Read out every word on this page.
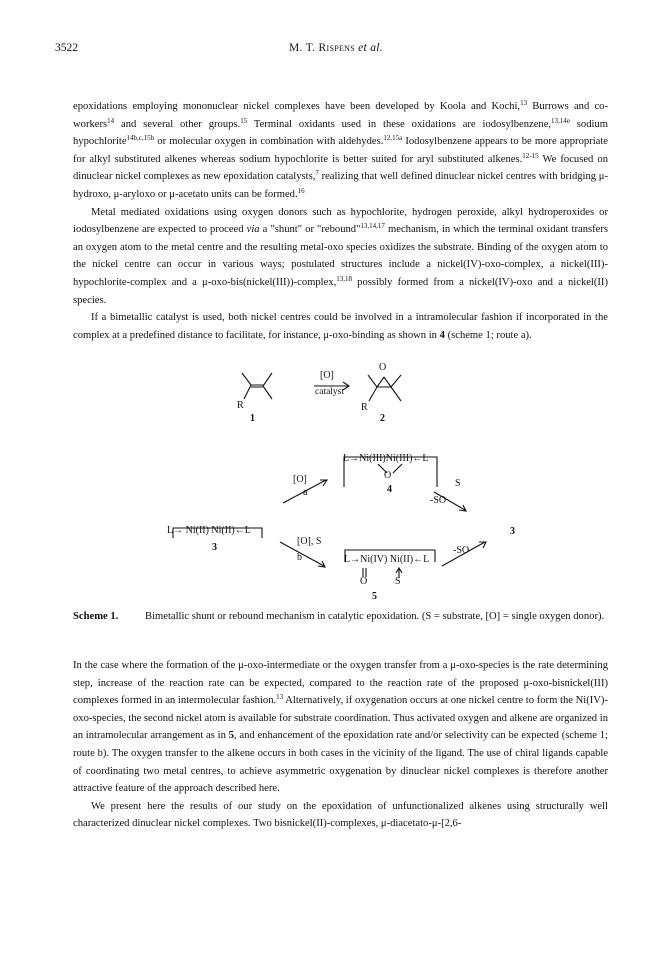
3522	M. T. Rispens et al.

epoxidations employing mononuclear nickel complexes have been developed by Koola and Kochi,$^{13}$ Burrows and co-workers$^{14}$ and several other groups.$^{15}$ Terminal oxidants used in these oxidations are iodosylbenzene,$^{13,14e}$ sodium hypochlorite$^{14b,c,15b}$ or molecular oxygen in combination with aldehydes.$^{12,15a}$ Iodosylbenzene appears to be more appropriate for alkyl substituted alkenes whereas sodium hypochlorite is better suited for aryl substituted alkenes.$^{12-15}$ We focused on dinuclear nickel complexes as new epoxidation catalysts,$^7$ realizing that well defined dinuclear nickel centres with bridging μ-hydroxo, μ-aryloxo or μ-acetato units can be formed.$^{16}$

Metal mediated oxidations using oxygen donors such as hypochlorite, hydrogen peroxide, alkyl hydroperoxides or iodosylbenzene are expected to proceed via a "shunt" or "rebound"$^{13,14,17}$ mechanism, in which the terminal oxidant transfers an oxygen atom to the metal centre and the resulting metal-oxo species oxidizes the substrate. Binding of the oxygen atom to the nickel centre can occur in various ways; postulated structures include a nickel(IV)-oxo-complex, a nickel(III)-hypochlorite-complex and a μ-oxo-bis(nickel(III))-complex,$^{13,18}$ possibly formed from a nickel(IV)-oxo and a nickel(II) species.

If a bimetallic catalyst is used, both nickel centres could be involved in a intramolecular fashion if incorporated in the complex at a predefined distance to facilitate, for instance, μ-oxo-binding as shown in 4 (scheme 1; route a).

[O]
catalyst
R
1
O
R
2
L→Ni(III)Ni(III)←L
O
4
[O]
a
S
-SO
L→ Ni(II) Ni(II)←L
3
3
[O], S
b	L→Ni(IV) Ni(II)←L
O	S
5
-SO
Scheme 1.	Bimetallic shunt or rebound mechanism in catalytic epoxidation. (S = substrate, [O] = single oxygen donor).

In the case where the formation of the μ-oxo-intermediate or the oxygen transfer from a μ-oxo-species is the rate determining step, increase of the reaction rate can be expected, compared to the reaction rate of the proposed μ-oxo-bisnickel(III) complexes formed in an intermolecular fashion.$^{13}$ Alternatively, if oxygenation occurs at one nickel centre to form the Ni(IV)-oxo-species, the second nickel atom is available for substrate coordination. Thus activated oxygen and alkene are organized in an intramolecular arrangement as in 5, and enhancement of the epoxidation rate and/or selectivity can be expected (scheme 1; route b). The oxygen transfer to the alkene occurs in both cases in the vicinity of the ligand. The use of chiral ligands capable of coordinating two metal centres, to achieve asymmetric oxygenation by dinuclear nickel complexes is therefore another attractive feature of the approach described here.

We present here the results of our study on the epoxidation of unfunctionalized alkenes using structurally well characterized dinuclear nickel complexes. Two bisnickel(II)-complexes, μ-diacetato-μ-[2,6-
